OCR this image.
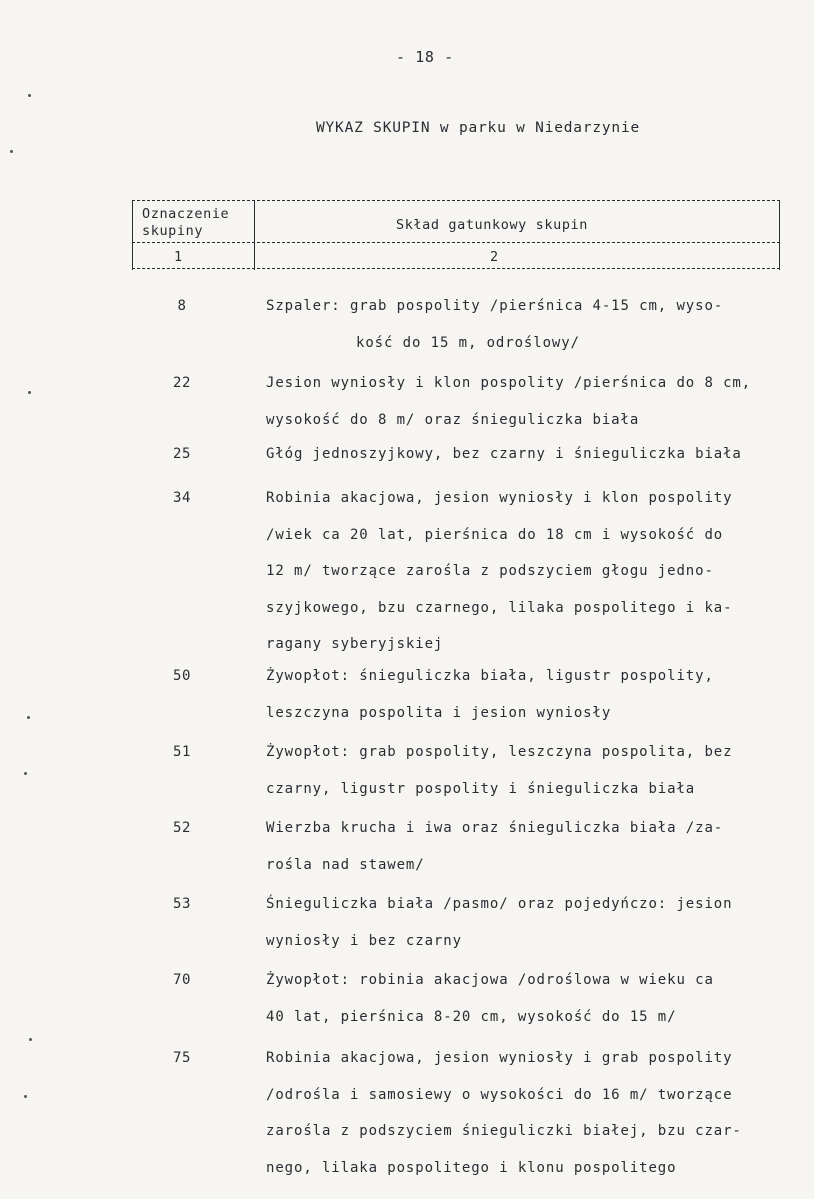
- 18 -
WYKAZ SKUPIN w parku w Niedarzynie
Oznaczenie
skupiny	Skład gatunkowy skupin
1	2
8	Szpaler: grab pospolity /pierśnica 4-15 cm, wyso-
kość do 15 m, odroślowy/
22	Jesion wyniosły i klon pospolity /pierśnica do 8 cm,
wysokość do 8 m/ oraz śnieguliczka biała
25	Głóg jednoszyjkowy, bez czarny i śnieguliczka biała
34	Robinia akacjowa, jesion wyniosły i klon pospolity
/wiek ca 20 lat, pierśnica do 18 cm i wysokość do
12 m/ tworzące zarośla z podszyciem głogu jedno-
szyjkowego, bzu czarnego, lilaka pospolitego i ka-
ragany syberyjskiej
50	Żywopłot: śnieguliczka biała, ligustr pospolity,
leszczyna pospolita i jesion wyniosły
51	Żywopłot: grab pospolity, leszczyna pospolita, bez
czarny, ligustr pospolity i śnieguliczka biała
52	Wierzba krucha i iwa oraz śnieguliczka biała /za-
rośla nad stawem/
53	Śnieguliczka biała /pasmo/ oraz pojedyńczo: jesion
wyniosły i bez czarny
70	Żywopłot: robinia akacjowa /odroślowa w wieku ca
40 lat, pierśnica 8-20 cm, wysokość do 15 m/
75	Robinia akacjowa, jesion wyniosły i grab pospolity
/odrośla i samosiewy o wysokości do 16 m/ tworzące
zarośla z podszyciem śnieguliczki białej, bzu czar-
nego, lilaka pospolitego i klonu pospolitego
